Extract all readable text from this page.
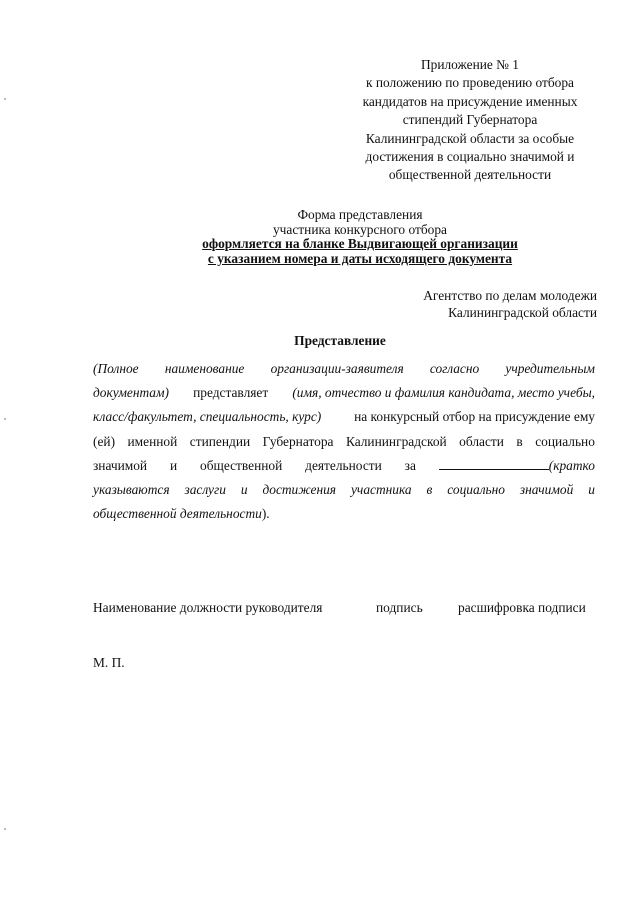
Приложение № 1
к положению по проведению отбора
кандидатов на присуждение именных
стипендий Губернатора
Калининградской области за особые
достижения в социально значимой и
общественной деятельности
Форма представления
участника конкурсного отбора
оформляется на бланке Выдвигающей организации
с указанием номера и даты исходящего документа
Агентство по делам молодежи
Калининградской области
Представление
(Полное наименование организации-заявителя согласно учредительным
документам) представляет (имя, отчество и фамилия кандидата, место учебы,
класс/факультет, специальность, курс) на конкурсный отбор на присуждение ему
(ей) именной стипендии Губернатора Калининградской области в социально
значимой и общественной деятельности за	(кратко
указываются заслуги и достижения участника в социально значимой и
общественной деятельности ).
Наименование должности руководителя	подпись	расшифровка подписи
М. П.
